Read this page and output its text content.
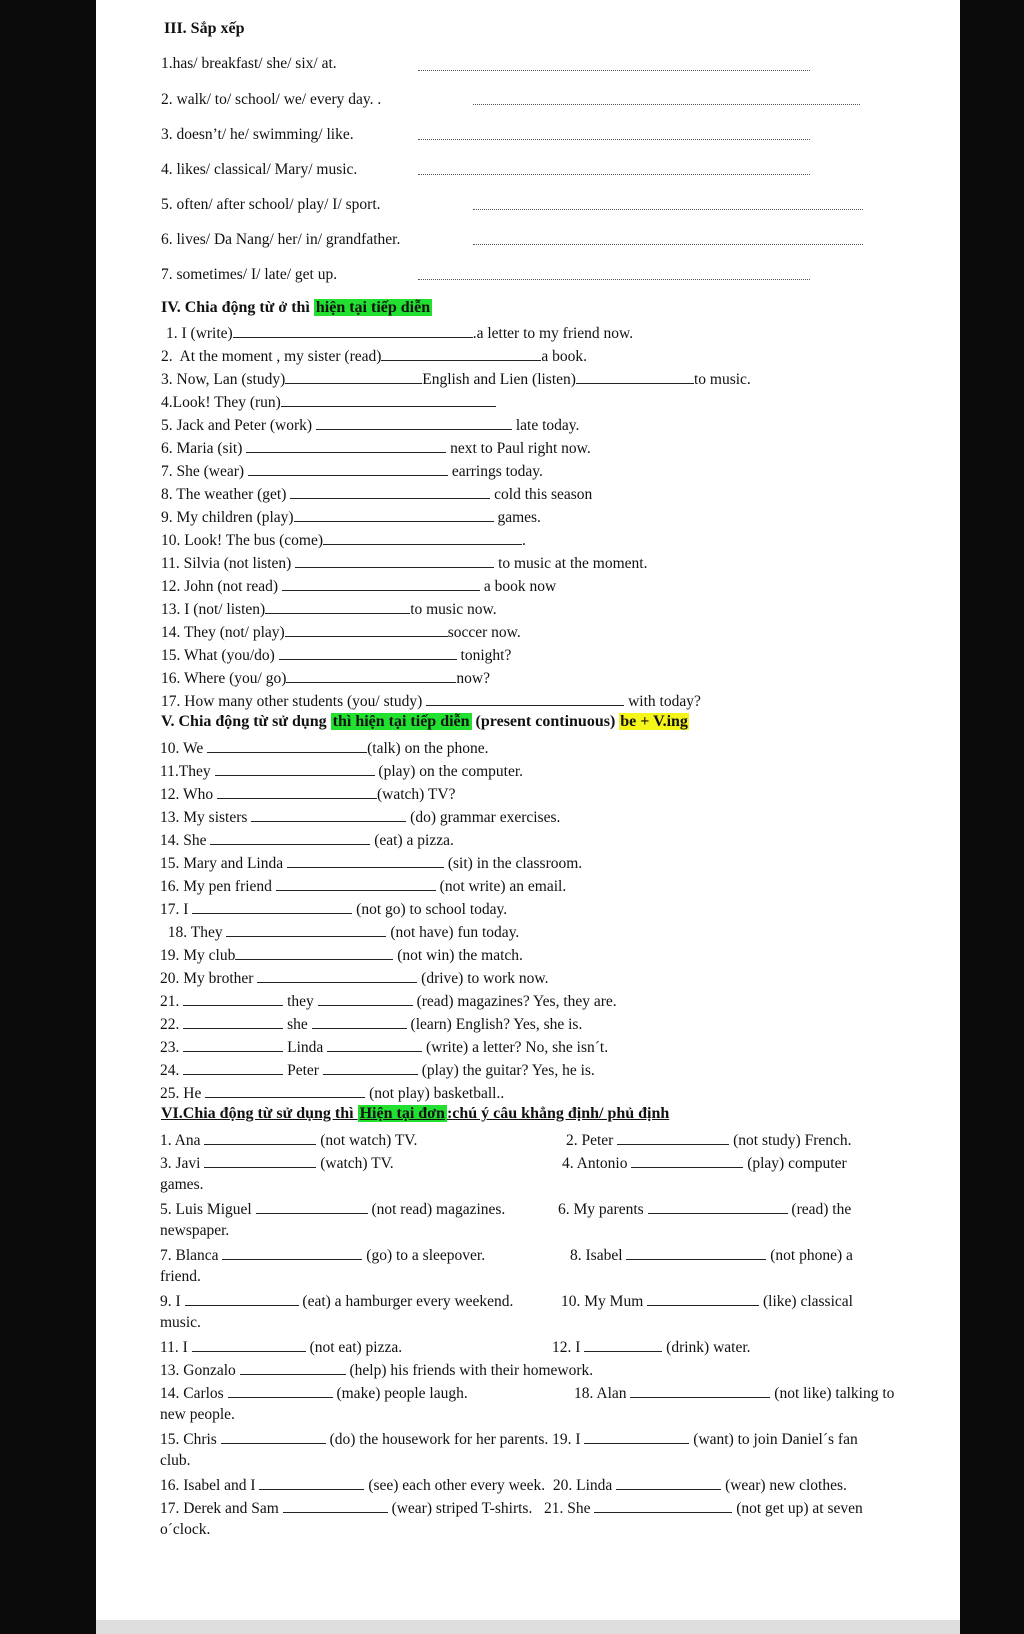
III. Sắp xếp
1.has/ breakfast/ she/ six/ at.
2. walk/ to/ school/ we/ every day. .
3. doesn’t/ he/ swimming/ like.
4. likes/ classical/ Mary/ music.
5. often/ after school/ play/ I/ sport.
6. lives/ Da Nang/ her/ in/ grandfather.
7. sometimes/ I/ late/ get up.
IV. Chia động từ ở thì hiện tại tiếp diễn
1. I (write)	.a letter to my friend now.
2.  At the moment , my sister (read)	a book.
3. Now, Lan (study)	English and Lien (listen)	to music.
4.Look! They (run)
5. Jack and Peter (work)	late today.
6. Maria (sit)	next to Paul right now.
7. She (wear)	earrings today.
8. The weather (get)	cold this season
9. My children (play)	games.
10. Look! The bus (come)	.
11. Silvia (not listen)	to music at the moment.
12. John (not read)	a book now
13. I (not/ listen)	to music now.
14. They (not/ play)	soccer now.
15. What (you/do)	tonight?
16. Where (you/ go)	now?
17. How many other students (you/ study)	with today?
V. Chia động từ sử dụng thì hiện tại tiếp diễn (present continuous) be + V.ing
10. We	(talk) on the phone.
11.They	(play) on the computer.
12. Who	(watch) TV?
13. My sisters	(do) grammar exercises.
14. She	(eat) a pizza.
15. Mary and Linda	(sit) in the classroom.
16. My pen friend	(not write) an email.
17. I	(not go) to school today.
18. They	(not have) fun today.
19. My club	(not win) the match.
20. My brother	(drive) to work now.
21.	they	(read) magazines? Yes, they are.
22.	she	(learn) English? Yes, she is.
23.	Linda	(write) a letter? No, she isn´t.
24.	Peter	(play) the guitar? Yes, he is.
25. He	(not play) basketball..
VI.Chia động từ sử dụng thì Hiện tại đơn :chú ý câu khẳng định/ phủ định
1. Ana	(not watch) TV.	2. Peter	(not study) French.
3. Javi	(watch) TV.	4. Antonio	(play) computer
games.
5. Luis Miguel	(not read) magazines.	6. My parents	(read) the
newspaper.
7. Blanca	(go) to a sleepover.	8. Isabel	(not phone) a
friend.
9. I	(eat) a hamburger every weekend.	10. My Mum	(like) classical
music.
11. I	(not eat) pizza.	12. I	(drink) water.
13. Gonzalo	(help) his friends with their homework.
14. Carlos	(make) people laugh.	18. Alan	(not like) talking to
new people.
15. Chris	(do) the housework for her parents. 19. I	(want) to join Daniel´s fan
club.
16. Isabel and I	(see) each other every week.  20. Linda	(wear) new clothes.
17. Derek and Sam	(wear) striped T-shirts.   21. She	(not get up) at seven
o´clock.
